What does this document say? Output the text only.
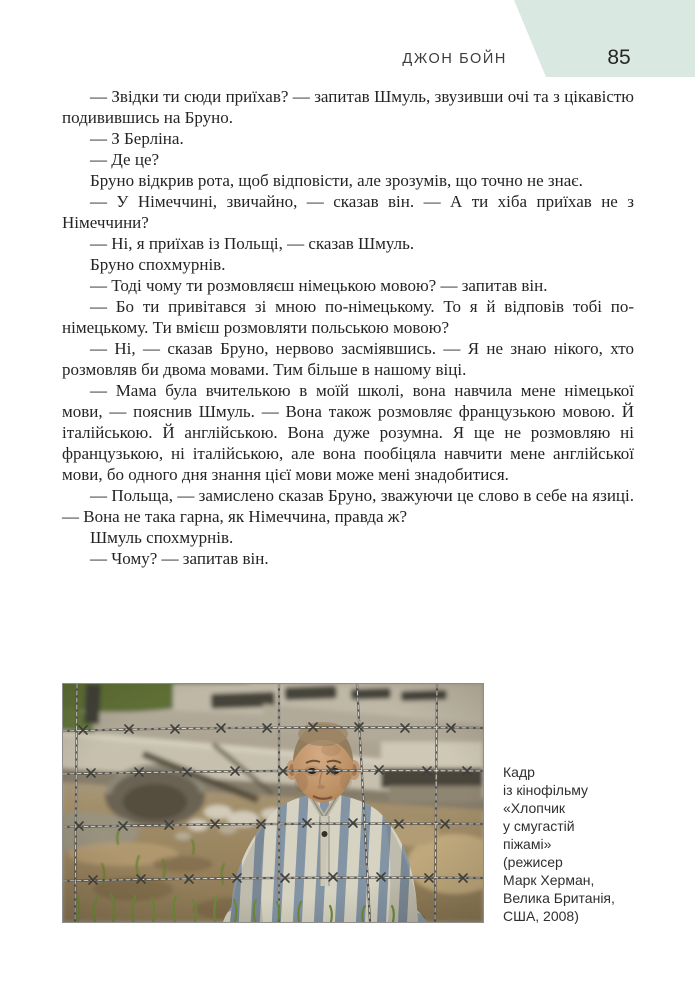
ДЖОН БОЙН	85

— Звідки ти сюди приїхав? — запитав Шмуль, звузивши очі та з цікавістю подивившись на Бруно.

— З Берліна.

— Де це?

Бруно відкрив рота, щоб відповісти, але зрозумів, що точно не знає.

— У Німеччині, звичайно, — сказав він. — А ти хіба приїхав не з Німеччини?

— Ні, я приїхав із Польщі, — сказав Шмуль.

Бруно спохмурнів.

— Тоді чому ти розмовляєш німецькою мовою? — запитав він.

— Бо ти привітався зі мною по-німецькому. То я й відповів тобі по-німецькому. Ти вмієш розмовляти польською мовою?

— Ні, — сказав Бруно, нервово засміявшись. — Я не знаю нікого, хто розмовляв би двома мовами. Тим більше в нашому віці.

— Мама була вчителькою в моїй школі, вона навчила мене німецької мови, — пояснив Шмуль. — Вона також розмовляє французькою мовою. Й італійською. Й англійською. Вона дуже розумна. Я ще не розмовляю ні французькою, ні італійською, але вона пообіцяла навчити мене англійської мови, бо одного дня знання цієї мови може мені знадобитися.

— Польща, — замислено сказав Бруно, зважуючи це слово в себе на язиці. — Вона не така гарна, як Німеччина, правда ж?

Шмуль спохмурнів.

— Чому? — запитав він.

Кадр
із кінофільму
«Хлопчик
у смугастій
піжамі»
(режисер
Марк Херман,
Велика Британія,
США, 2008)
